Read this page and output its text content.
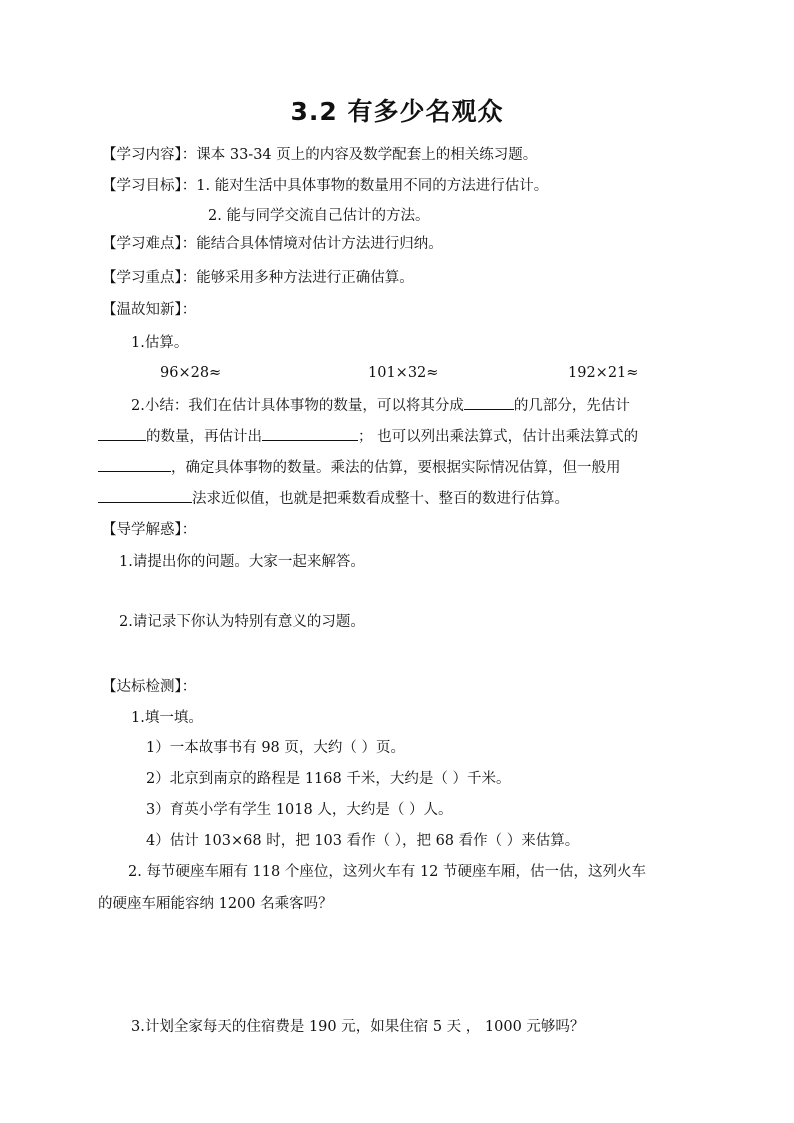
3.2 有多少名观众
【学习内容】：课本 33-34 页上的内容及数学配套上的相关练习题。
【学习目标】：1. 能对生活中具体事物的数量用不同的方法进行估计。
2. 能与同学交流自己估计的方法。
【学习难点】：能结合具体情境对估计方法进行归纳。
【学习重点】：能够采用多种方法进行正确估算。
【温故知新】：
1.估算。
96×28≈	101×32≈	192×21≈
2.小结：我们在估计具体事物的数量，可以将其分成	的几部分，先估计
的数量，再估计出	； 也可以列出乘法算式，估计出乘法算式的
，确定具体事物的数量。乘法的估算，要根据实际情况估算，但一般用
法求近似值，也就是把乘数看成整十、整百的数进行估算。
【导学解惑】：
1.请提出你的问题。大家一起来解答。
2.请记录下你认为特别有意义的习题。
【达标检测】：
1.填一填。
1）一本故事书有 98 页，大约（ ）页。
2）北京到南京的路程是 1168 千米，大约是（ ）千米。
3）育英小学有学生 1018 人，大约是（ ）人。
4）估计 103×68 时，把 103 看作（ ），把 68 看作（ ）来估算。
2. 每节硬座车厢有 118 个座位，这列火车有 12 节硬座车厢，估一估，这列火车
的硬座车厢能容纳 1200 名乘客吗？
3.计划全家每天的住宿费是 190 元，如果住宿 5 天 ， 1000 元够吗？
